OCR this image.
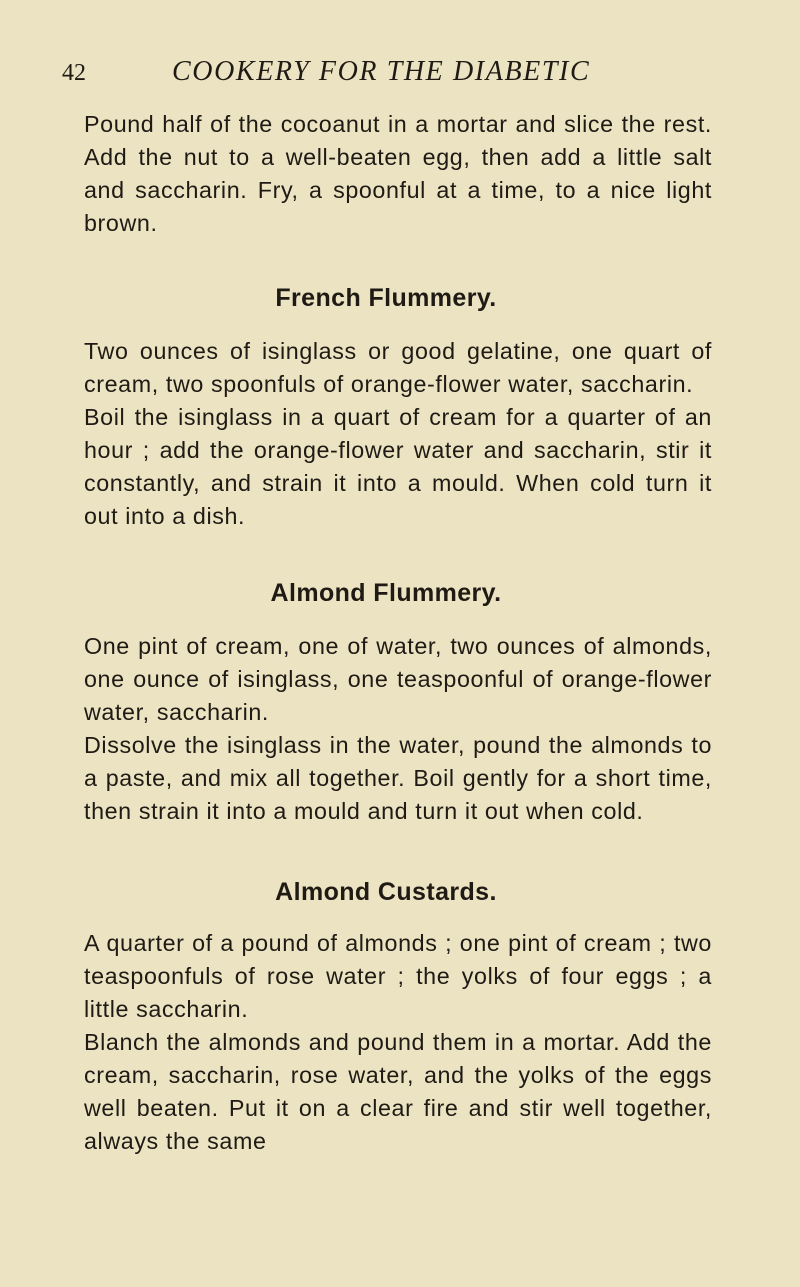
42	COOKERY FOR THE DIABETIC

Pound half of the cocoanut in a mortar and slice the rest. Add the nut to a well-beaten egg, then add a little salt and saccharin. Fry, a spoonful at a time, to a nice light brown.

French Flummery.

Two ounces of isinglass or good gelatine, one quart of cream, two spoonfuls of orange-flower water, saccharin.

Boil the isinglass in a quart of cream for a quarter of an hour ; add the orange-flower water and saccharin, stir it constantly, and strain it into a mould. When cold turn it out into a dish.

Almond Flummery.

One pint of cream, one of water, two ounces of almonds, one ounce of isinglass, one teaspoonful of orange-flower water, saccharin.

Dissolve the isinglass in the water, pound the almonds to a paste, and mix all together. Boil gently for a short time, then strain it into a mould and turn it out when cold.

Almond Custards.

A quarter of a pound of almonds ; one pint of cream ; two teaspoonfuls of rose water ; the yolks of four eggs ; a little saccharin.

Blanch the almonds and pound them in a mortar. Add the cream, saccharin, rose water, and the yolks of the eggs well beaten. Put it on a clear fire and stir well together, always the same
